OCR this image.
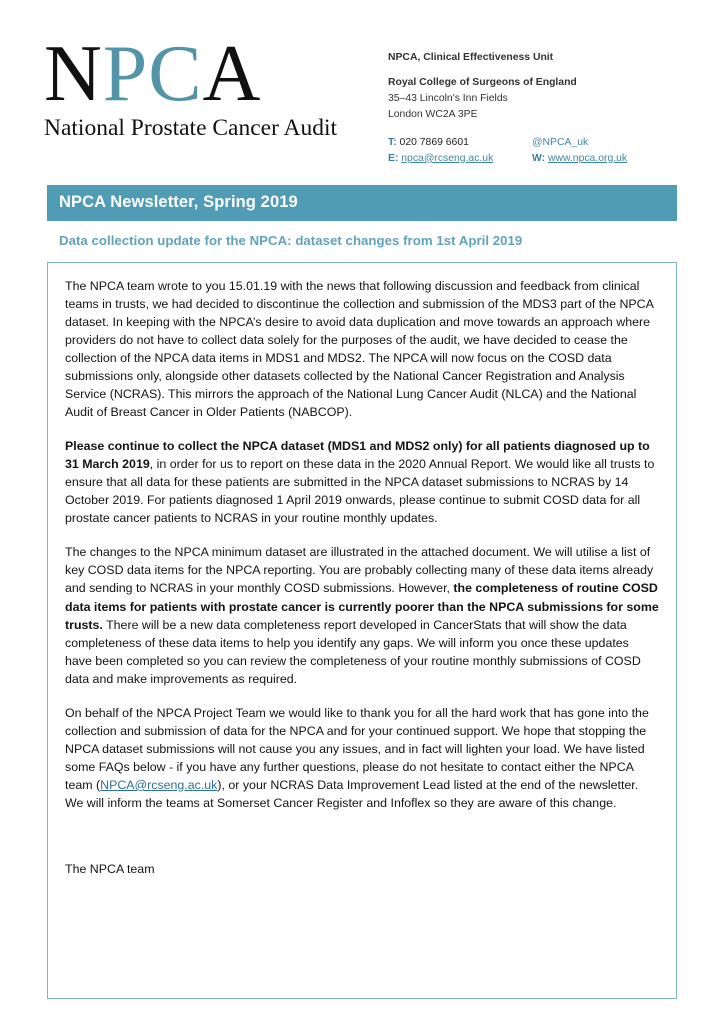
NPCA
National Prostate Cancer Audit
NPCA, Clinical Effectiveness Unit
Royal College of Surgeons of England
35–43 Lincoln's Inn Fields
London WC2A 3PE
T: 020 7869 6601	@NPCA_uk
E: npca@rcseng.ac.uk	W: www.npca.org.uk
NPCA Newsletter, Spring 2019
Data collection update for the NPCA: dataset changes from 1st April 2019

The NPCA team wrote to you 15.01.19 with the news that following discussion and feedback from clinical teams in trusts, we had decided to discontinue the collection and submission of the MDS3 part of the NPCA dataset. In keeping with the NPCA’s desire to avoid data duplication and move towards an approach where providers do not have to collect data solely for the purposes of the audit, we have decided to cease the collection of the NPCA data items in MDS1 and MDS2. The NPCA will now focus on the COSD data submissions only, alongside other datasets collected by the National Cancer Registration and Analysis Service (NCRAS). This mirrors the approach of the National Lung Cancer Audit (NLCA) and the National Audit of Breast Cancer in Older Patients (NABCOP).

Please continue to collect the NPCA dataset (MDS1 and MDS2 only) for all patients diagnosed up to 31 March 2019, in order for us to report on these data in the 2020 Annual Report. We would like all trusts to ensure that all data for these patients are submitted in the NPCA dataset submissions to NCRAS by 14 October 2019. For patients diagnosed 1 April 2019 onwards, please continue to submit COSD data for all prostate cancer patients to NCRAS in your routine monthly updates.

The changes to the NPCA minimum dataset are illustrated in the attached document. We will utilise a list of key COSD data items for the NPCA reporting. You are probably collecting many of these data items already and sending to NCRAS in your monthly COSD submissions. However, the completeness of routine COSD data items for patients with prostate cancer is currently poorer than the NPCA submissions for some trusts. There will be a new data completeness report developed in CancerStats that will show the data completeness of these data items to help you identify any gaps. We will inform you once these updates have been completed so you can review the completeness of your routine monthly submissions of COSD data and make improvements as required.

On behalf of the NPCA Project Team we would like to thank you for all the hard work that has gone into the collection and submission of data for the NPCA and for your continued support. We hope that stopping the NPCA dataset submissions will not cause you any issues, and in fact will lighten your load. We have listed some FAQs below - if you have any further questions, please do not hesitate to contact either the NPCA team (NPCA@rcseng.ac.uk), or your NCRAS Data Improvement Lead listed at the end of the newsletter. We will inform the teams at Somerset Cancer Register and Infoflex so they are aware of this change.

The NPCA team
